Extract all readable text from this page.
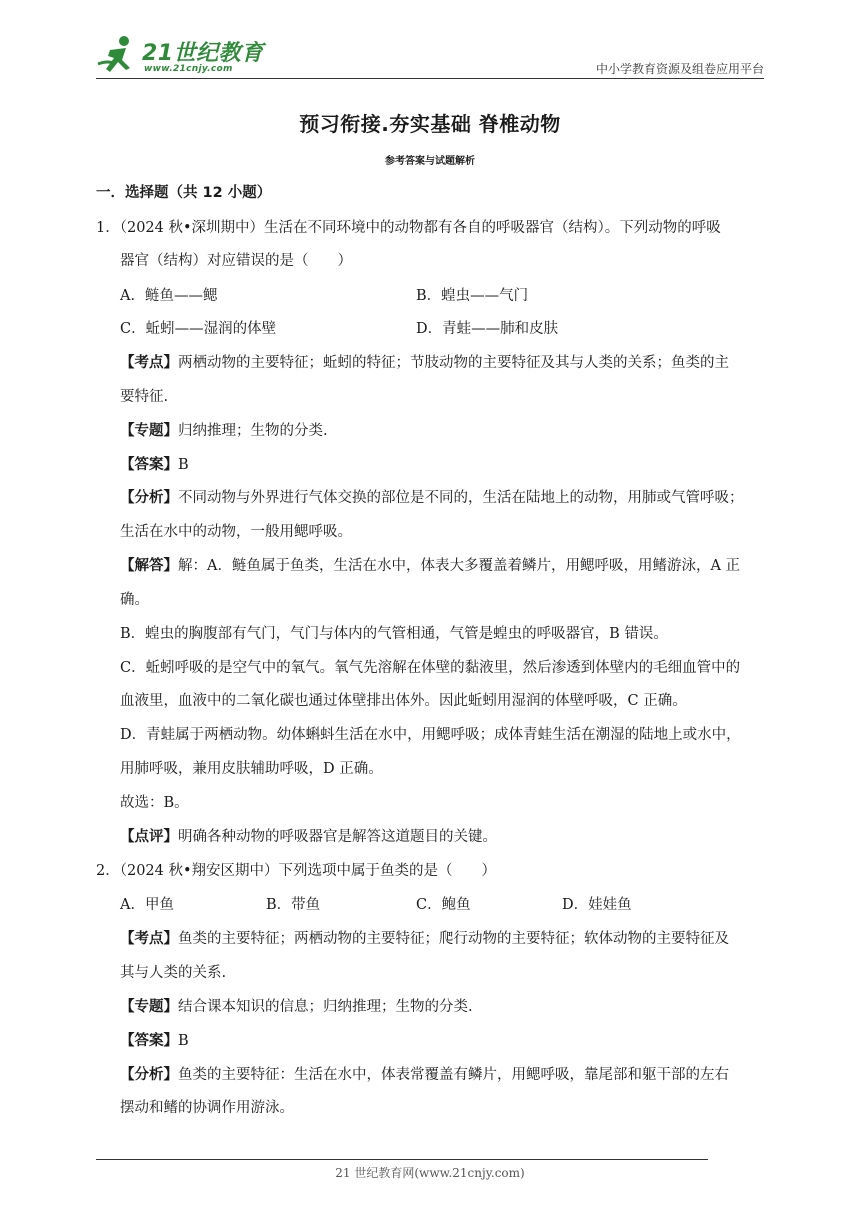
21世纪教育
www.21cnjy.com	中小学教育资源及组卷应用平台
预习衔接.夯实基础 脊椎动物
参考答案与试题解析
一．选择题（共 12 小题）
1．（2024 秋•深圳期中）生活在不同环境中的动物都有各自的呼吸器官（结构）。下列动物的呼吸
器官（结构）对应错误的是（　　）
A．鲢鱼——鳃	B．蝗虫——气门
C．蚯蚓——湿润的体壁	D．青蛙——肺和皮肤
【考点】两栖动物的主要特征；蚯蚓的特征；节肢动物的主要特征及其与人类的关系；鱼类的主
要特征.
【专题】归纳推理；生物的分类.
【答案】B
【分析】不同动物与外界进行气体交换的部位是不同的，生活在陆地上的动物，用肺或气管呼吸；
生活在水中的动物，一般用鳃呼吸。
【解答】解：A．鲢鱼属于鱼类，生活在水中，体表大多覆盖着鳞片，用鳃呼吸，用鳍游泳，A 正
确。
B．蝗虫的胸腹部有气门，气门与体内的气管相通，气管是蝗虫的呼吸器官，B 错误。
C．蚯蚓呼吸的是空气中的氧气。氧气先溶解在体壁的黏液里，然后渗透到体壁内的毛细血管中的
血液里，血液中的二氧化碳也通过体壁排出体外。因此蚯蚓用湿润的体壁呼吸，C 正确。
D．青蛙属于两栖动物。幼体蝌蚪生活在水中，用鳃呼吸；成体青蛙生活在潮湿的陆地上或水中，
用肺呼吸，兼用皮肤辅助呼吸，D 正确。
故选：B。
【点评】明确各种动物的呼吸器官是解答这道题目的关键。
2．（2024 秋•翔安区期中）下列选项中属于鱼类的是（　　）
A．甲鱼	B．带鱼	C．鲍鱼	D．娃娃鱼
【考点】鱼类的主要特征；两栖动物的主要特征；爬行动物的主要特征；软体动物的主要特征及
其与人类的关系.
【专题】结合课本知识的信息；归纳推理；生物的分类.
【答案】B
【分析】鱼类的主要特征：生活在水中，体表常覆盖有鳞片，用鳃呼吸，靠尾部和躯干部的左右
摆动和鳍的协调作用游泳。
21 世纪教育网(www.21cnjy.com)
